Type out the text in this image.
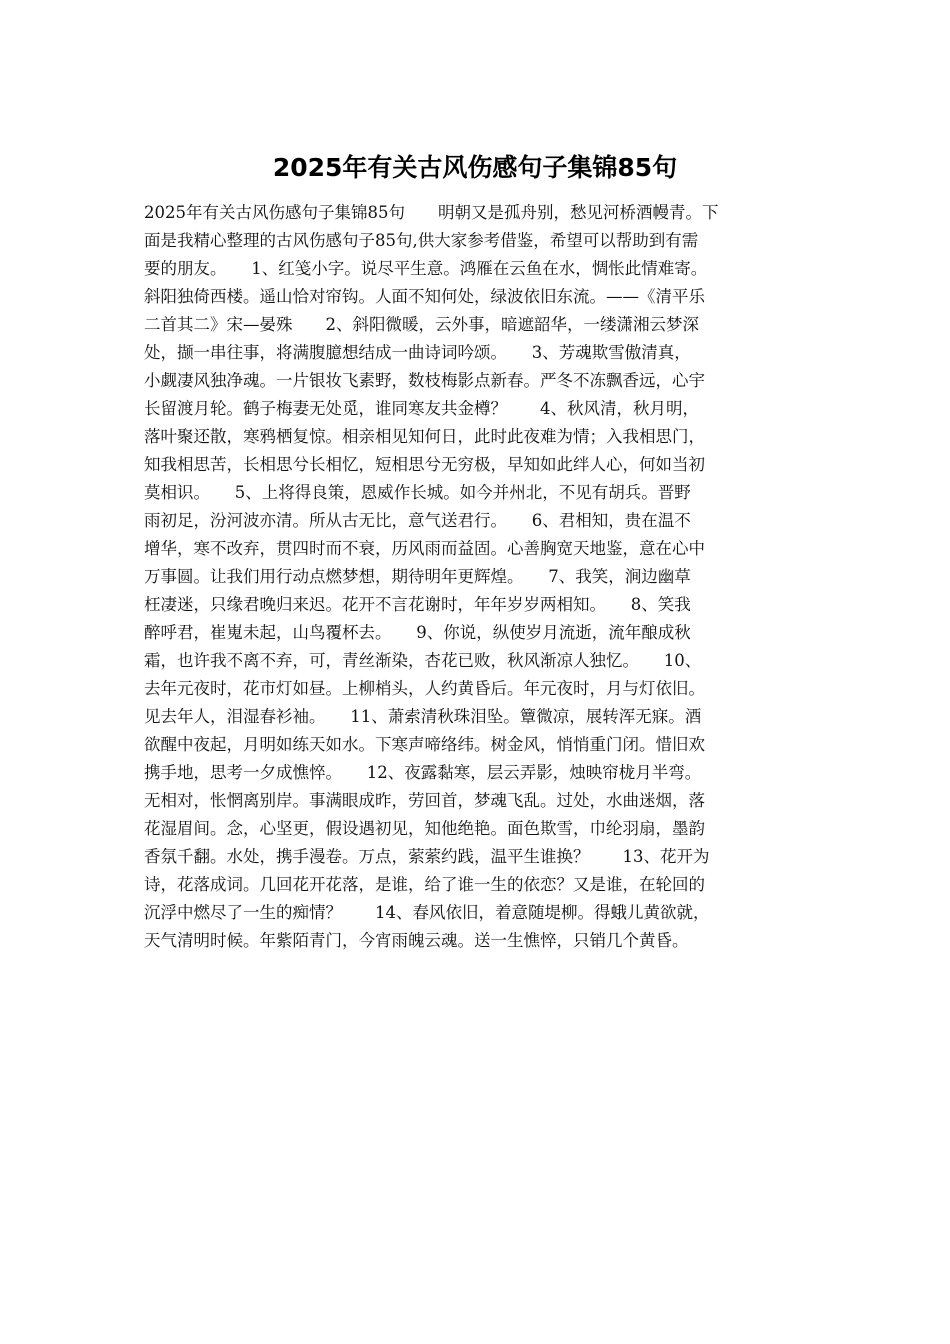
2025年有关古风伤感句子集锦85句
2025年有关古风伤感句子集锦85句　　明朝又是孤舟别，愁见河桥酒幔青。下
面是我精心整理的古风伤感句子85句,供大家参考借鉴，希望可以帮助到有需
要的朋友。　　1、红笺小字。说尽平生意。鸿雁在云鱼在水，惆怅此情难寄。
斜阳独倚西楼。遥山恰对帘钩。人面不知何处，绿波依旧东流。——《清平乐
二首其二》宋—晏殊　　2、斜阳微暖，云外事，暗遮韶华，一缕潇湘云梦深
处，撷一串往事，将满腹臆想结成一曲诗词吟颂。　　3、芳魂欺雪傲清真，
小觑凄风独净魂。一片银妆飞素野，数枝梅影点新春。严冬不冻飘香远，心宇
长留渡月轮。鹤子梅妻无处觅，谁同寒友共金樽？　　4、秋风清，秋月明，
落叶聚还散，寒鸦栖复惊。相亲相见知何日，此时此夜难为情；入我相思门，
知我相思苦，长相思兮长相忆，短相思兮无穷极，早知如此绊人心，何如当初
莫相识。　　5、上将得良策，恩威作长城。如今并州北，不见有胡兵。晋野
雨初足，汾河波亦清。所从古无比，意气送君行。　　6、君相知，贵在温不
增华，寒不改弃，贯四时而不衰，历风雨而益固。心善胸宽天地鉴，意在心中
万事圆。让我们用行动点燃梦想，期待明年更辉煌。　　7、我笑，涧边幽草
枉凄迷，只缘君晚归来迟。花开不言花谢时，年年岁岁两相知。　　8、笑我
醉呼君，崔嵬未起，山鸟覆杯去。　　9、你说，纵使岁月流逝，流年酿成秋
霜，也许我不离不弃，可，青丝渐染，杏花已败，秋风渐凉人独忆。　　10、
去年元夜时，花市灯如昼。上柳梢头，人约黄昏后。年元夜时，月与灯依旧。
见去年人，泪湿春衫袖。　　11、萧索清秋珠泪坠。簟微凉，展转浑无寐。酒
欲醒中夜起，月明如练天如水。下寒声啼络纬。树金风，悄悄重门闭。惜旧欢
携手地，思考一夕成憔悴。　　12、夜露黏寒，层云弄影，烛映帘栊月半弯。
无相对，怅惘离别岸。事满眼成昨，劳回首，梦魂飞乱。过处，水曲迷烟，落
花湿眉间。念，心坚更，假设遇初见，知他绝艳。面色欺雪，巾纶羽扇，墨韵
香氛千翻。水处，携手漫卷。万点，萦萦约践，温平生谁换？　　13、花开为
诗，花落成词。几回花开花落，是谁，给了谁一生的依恋？又是谁，在轮回的
沉浮中燃尽了一生的痴情？　　14、春风依旧，着意随堤柳。得蛾儿黄欲就，
天气清明时候。年紫陌青门，今宵雨魄云魂。送一生憔悴，只销几个黄昏。
